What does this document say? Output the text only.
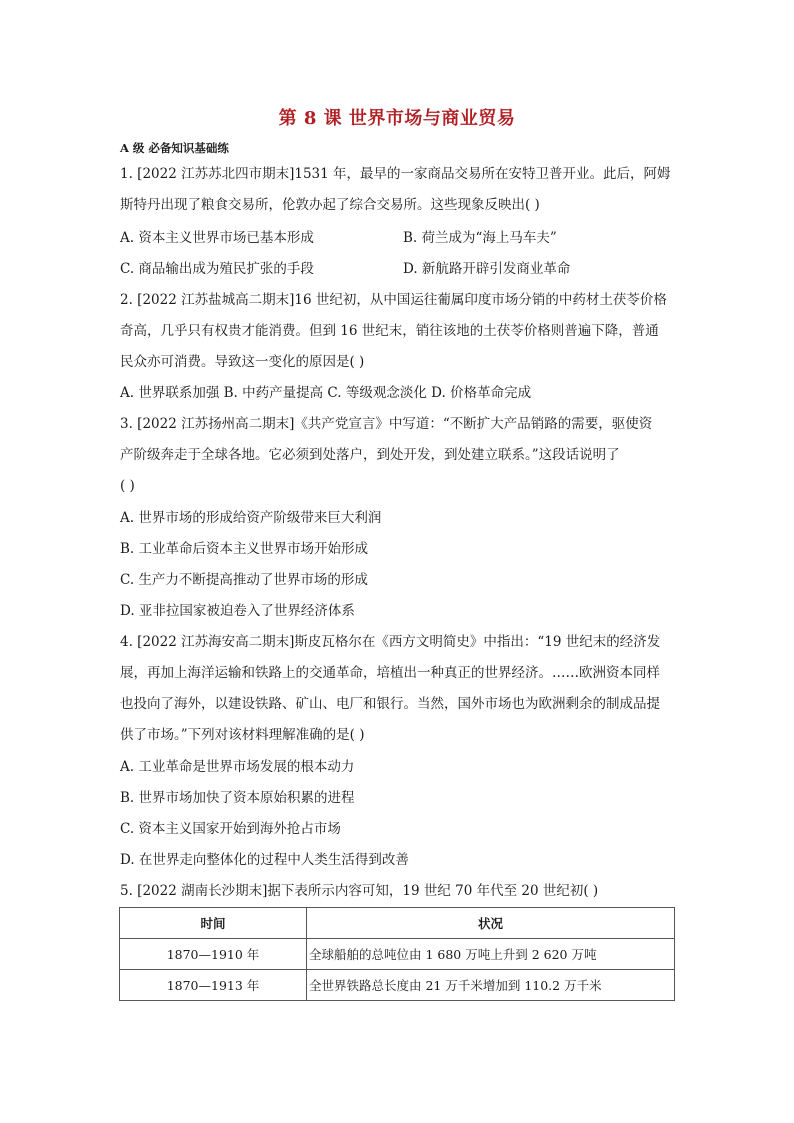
第 8 课 世界市场与商业贸易
A 级 必备知识基础练
1. [2022 江苏苏北四市期末]1531 年，最早的一家商品交易所在安特卫普开业。此后，阿姆
斯特丹出现了粮食交易所，伦敦办起了综合交易所。这些现象反映出( )
A. 资本主义世界市场已基本形成	B. 荷兰成为“海上马车夫”
C. 商品输出成为殖民扩张的手段	D. 新航路开辟引发商业革命
2. [2022 江苏盐城高二期末]16 世纪初，从中国运往葡属印度市场分销的中药材土茯苓价格
奇高，几乎只有权贵才能消费。但到 16 世纪末，销往该地的土茯苓价格则普遍下降，普通
民众亦可消费。导致这一变化的原因是( )
A. 世界联系加强 B. 中药产量提高 C. 等级观念淡化 D. 价格革命完成
3. [2022 江苏扬州高二期末]《共产党宣言》中写道：“不断扩大产品销路的需要，驱使资
产阶级奔走于全球各地。它必须到处落户，到处开发，到处建立联系。”这段话说明了
( )
A. 世界市场的形成给资产阶级带来巨大利润
B. 工业革命后资本主义世界市场开始形成
C. 生产力不断提高推动了世界市场的形成
D. 亚非拉国家被迫卷入了世界经济体系
4. [2022 江苏海安高二期末]斯皮瓦格尔在《西方文明简史》中指出：“19 世纪末的经济发
展，再加上海洋运输和铁路上的交通革命，培植出一种真正的世界经济。……欧洲资本同样
也投向了海外，以建设铁路、矿山、电厂和银行。当然，国外市场也为欧洲剩余的制成品提
供了市场。”下列对该材料理解准确的是( )
A. 工业革命是世界市场发展的根本动力
B. 世界市场加快了资本原始积累的进程
C. 资本主义国家开始到海外抢占市场
D. 在世界走向整体化的过程中人类生活得到改善
5. [2022 湖南长沙期末]据下表所示内容可知，19 世纪 70 年代至 20 世纪初( )
时间	状况
1870—1910 年	全球船舶的总吨位由 1 680 万吨上升到 2 620 万吨
1870—1913 年	全世界铁路总长度由 21 万千米增加到 110.2 万千米
